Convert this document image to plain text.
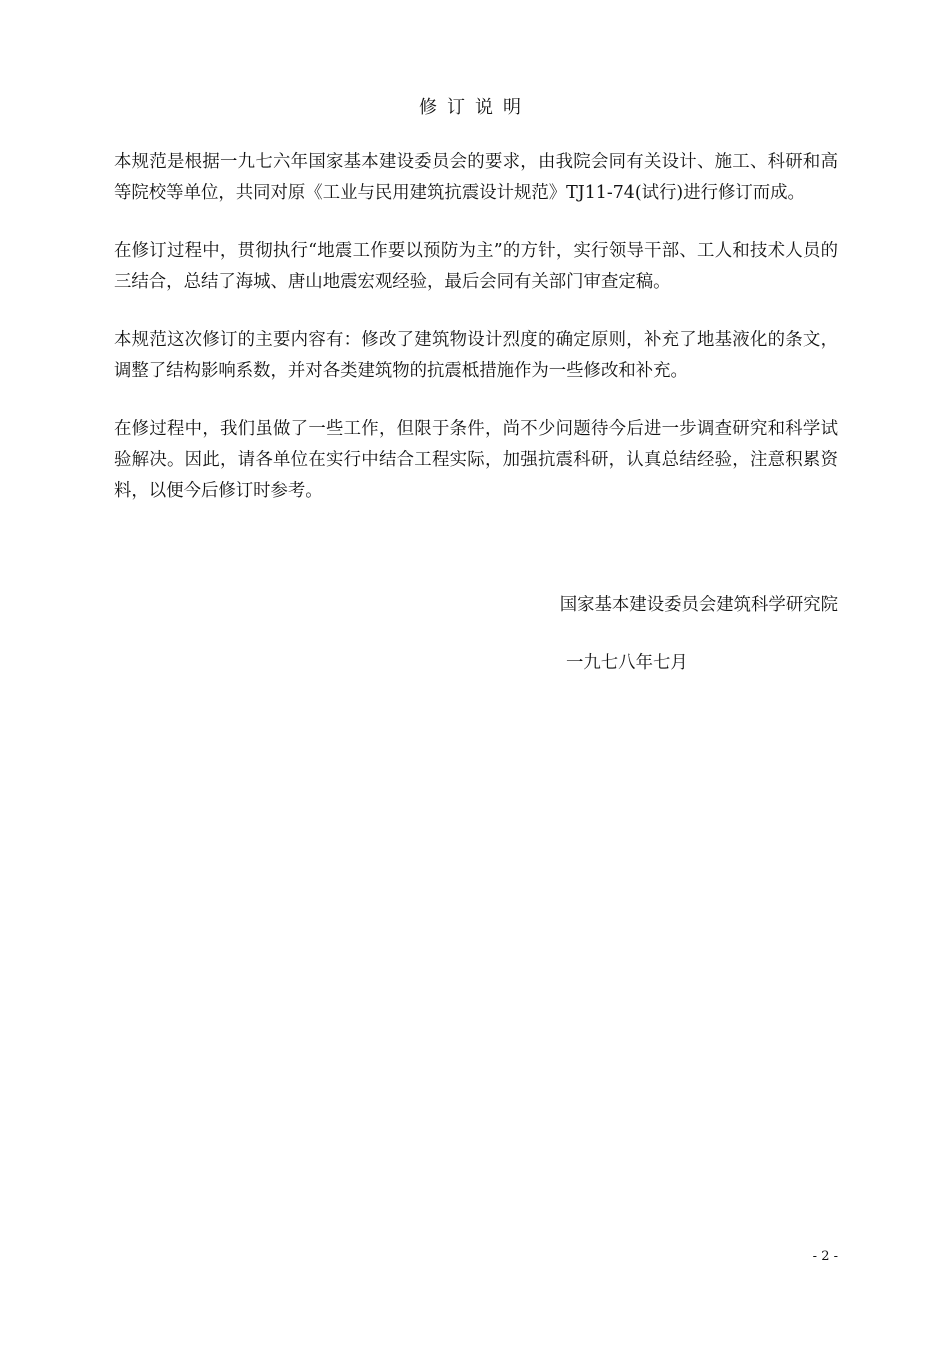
修订说明

本规范是根据一九七六年国家基本建设委员会的要求，由我院会同有关设计、施工、科研和高等院校等单位，共同对原《工业与民用建筑抗震设计规范》TJ11-74(试行)进行修订而成。

在修订过程中，贯彻执行“地震工作要以预防为主”的方针，实行领导干部、工人和技术人员的三结合，总结了海城、唐山地震宏观经验，最后会同有关部门审查定稿。

本规范这次修订的主要内容有：修改了建筑物设计烈度的确定原则，补充了地基液化的条文，调整了结构影响系数，并对各类建筑物的抗震柢措施作为一些修改和补充。

在修过程中，我们虽做了一些工作，但限于条件，尚不少问题待今后进一步调查研究和科学试验解决。因此，请各单位在实行中结合工程实际，加强抗震科研，认真总结经验，注意积累资料，以便今后修订时参考。

国家基本建设委员会建筑科学研究院
一九七八年七月
- 2 -
